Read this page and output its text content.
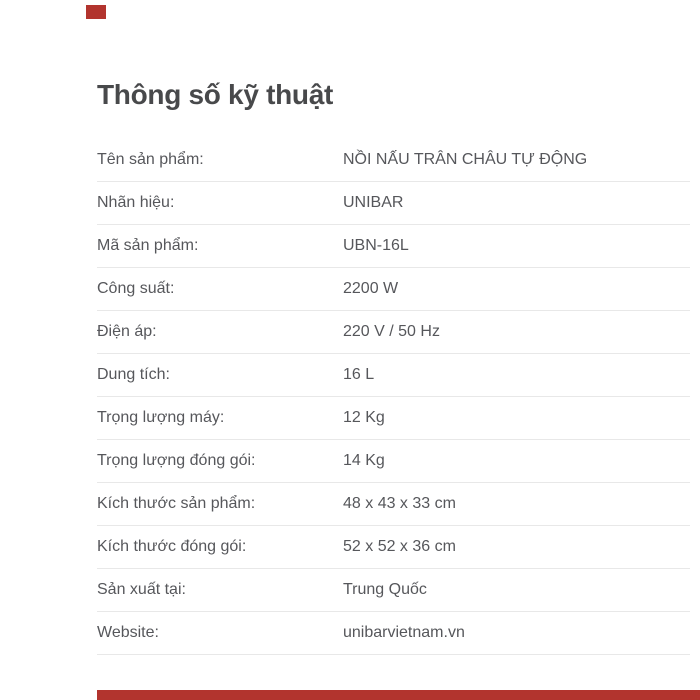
Thông số kỹ thuật
Tên sản phẩm:	NỒI NẤU TRÂN CHÂU TỰ ĐỘNG
Nhãn hiệu:	UNIBAR
Mã sản phẩm:	UBN-16L
Công suất:	2200 W
Điện áp:	220 V / 50 Hz
Dung tích:	16 L
Trọng lượng máy:	12 Kg
Trọng lượng đóng gói:	14 Kg
Kích thước sản phẩm:	48 x 43 x 33 cm
Kích thước đóng gói:	52 x 52 x 36 cm
Sản xuất tại:	Trung Quốc
Website:	unibarvietnam.vn
